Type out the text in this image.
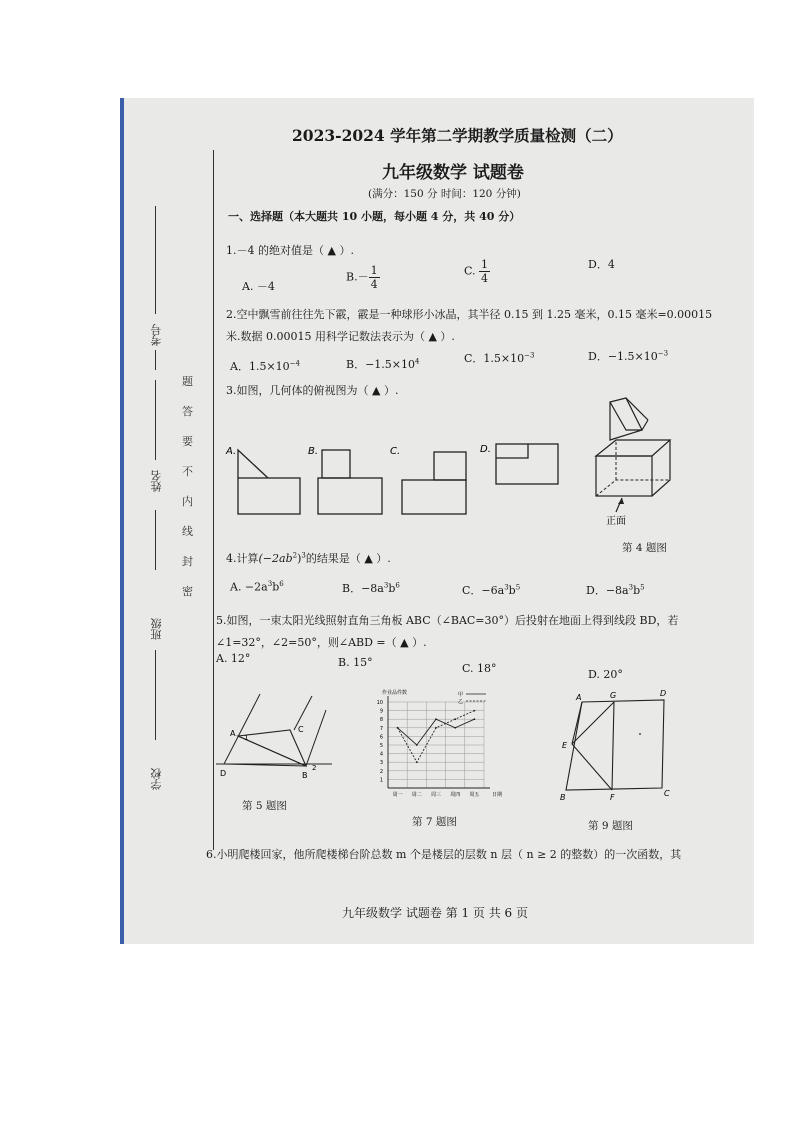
考号
姓名
班级
学校
题
答
要
不
内
线
封
密
2023-2024 学年第二学期教学质量检测（二）
九年级数学 试题卷
(满分：150 分 时间：120 分钟)
一、选择题（本大题共 10 小题，每小题 4 分，共 40 分）
1.－4 的绝对值是（ ▲ ）.
A. －4
$B.- \frac{1}{4}$	C. $\frac{1}{4}$	D．4
2.空中飘雪前往往先下霰，霰是一种球形小冰晶，其半径 0.15 到 1.25 毫米，0.15 毫米=0.00015
米.数据 0.00015 用科学记数法表示为（ ▲ ）.
A．$1.5\times 10^{-4}$	B．$-1.5\times 10^4$	C．$1.5\times 10^{-3}$	D．$-1.5\times 10^{-3}$
3.如图，几何体的俯视图为（ ▲ ）.
A.	B.	C.	D.
正面
第 4 题图
4.计算$(-2ab^2)^3$的结果是（ ▲ ）.
A. $-2a^3b^6$	B．$-8a^3b^6$	C．$-6a^3b^5$	D．$-8a^3b^5$
5.如图，一束太阳光线照射直角三角板 ABC（∠BAC=30°）后投射在地面上得到线段 BD，若
∠1=32°，∠2=50°，则∠ABD =（ ▲ ）.
A. 12°	B. 15°	C. 18°	D. 20°
A 1
C
2
B
D
第 5 题图
10
9
8
7
6
5
4
3
2
1
周一 周二 周三 周四 周五	日期
作业品件数	甲
乙
第 7 题图
A	G	D
E
B	F	C
第 9 题图
6.小明爬楼回家，他所爬楼梯台阶总数 m 个是楼层的层数 n 层（ n ≥ 2 的整数）的一次函数，其
九年级数学 试题卷 第 1 页 共 6 页
